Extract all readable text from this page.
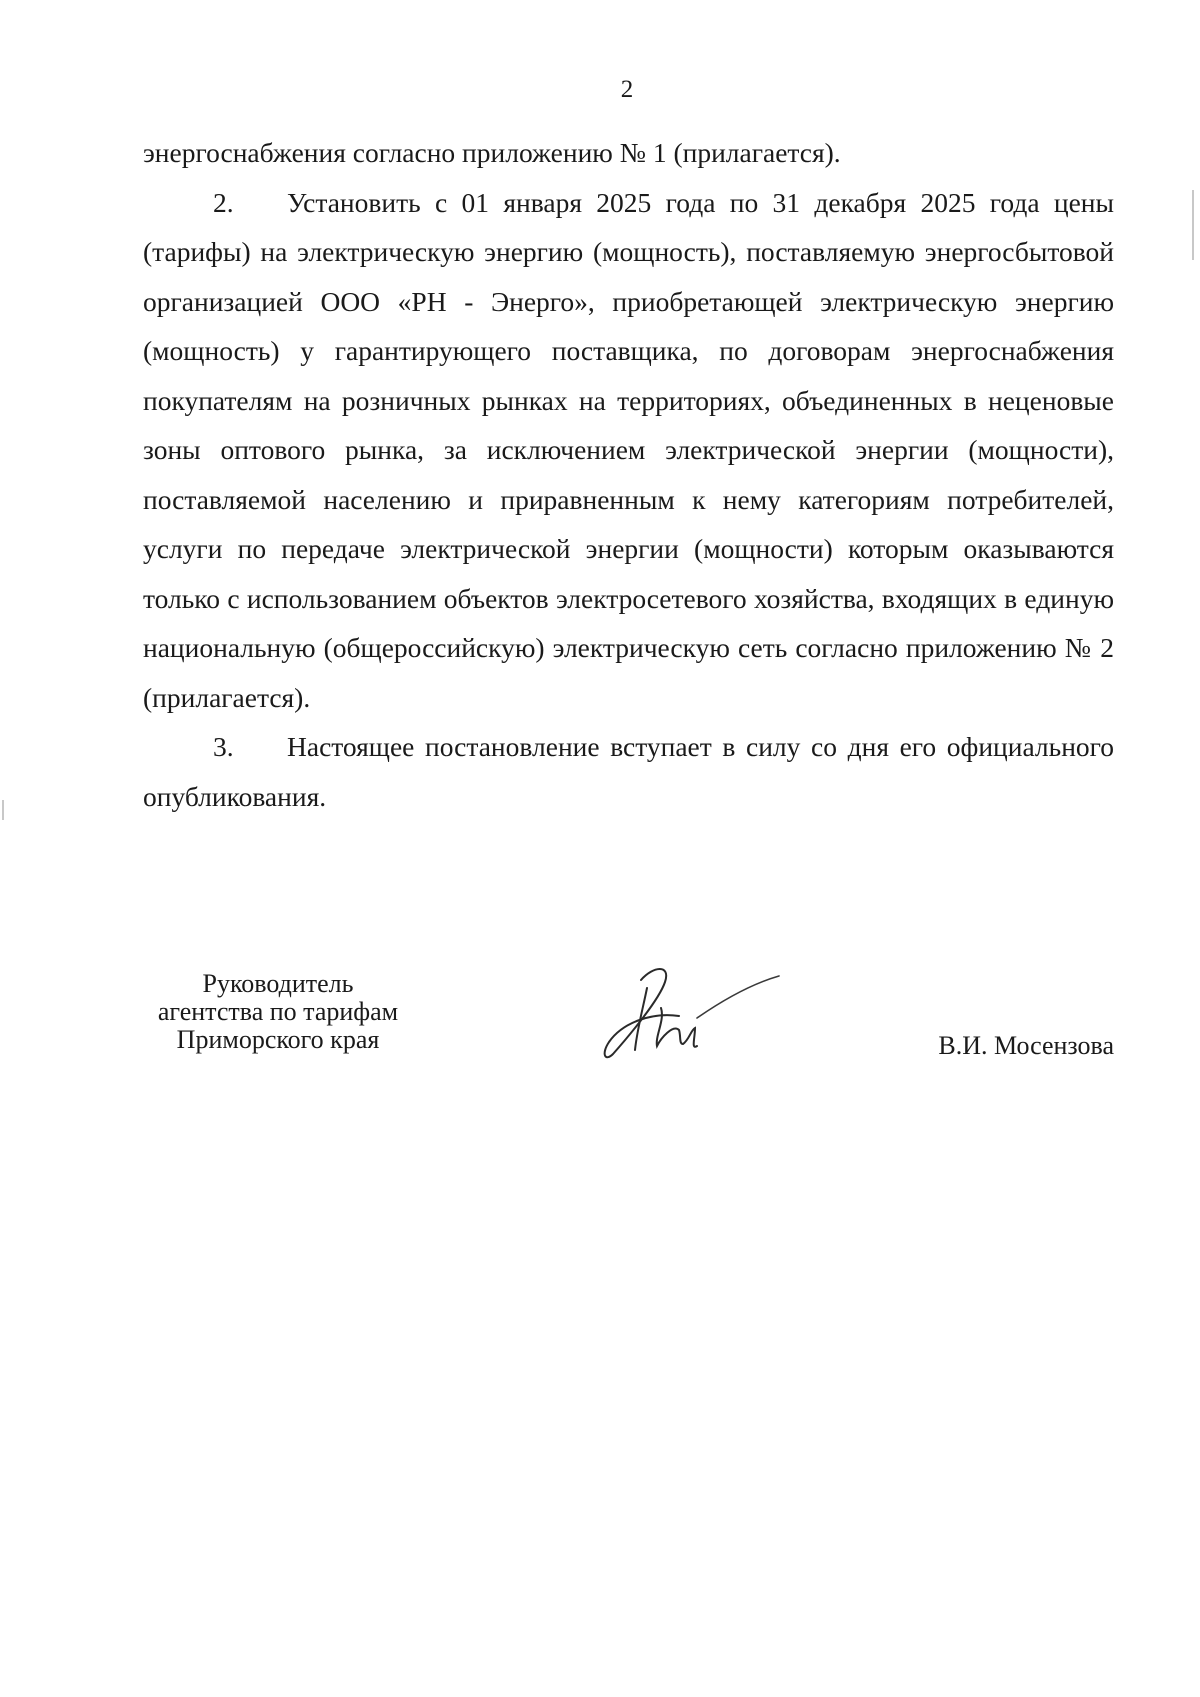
2

энергоснабжения согласно приложению № 1 (прилагается).

2. Установить с 01 января 2025 года по 31 декабря 2025 года цены (тарифы) на электрическую энергию (мощность), поставляемую энергосбытовой организацией ООО «РН - Энерго», приобретающей электрическую энергию (мощность) у гарантирующего поставщика, по договорам энергоснабжения покупателям на розничных рынках на территориях, объединенных в неценовые зоны оптового рынка, за исключением электрической энергии (мощности), поставляемой населению и приравненным к нему категориям потребителей, услуги по передаче электрической энергии (мощности) которым оказываются только с использованием объектов электросетевого хозяйства, входящих в единую национальную (общероссийскую) электрическую сеть согласно приложению № 2 (прилагается).

3. Настоящее постановление вступает в силу со дня его официального опубликования.

Руководитель
агентства по тарифам
Приморского края	В.И. Мосензова
